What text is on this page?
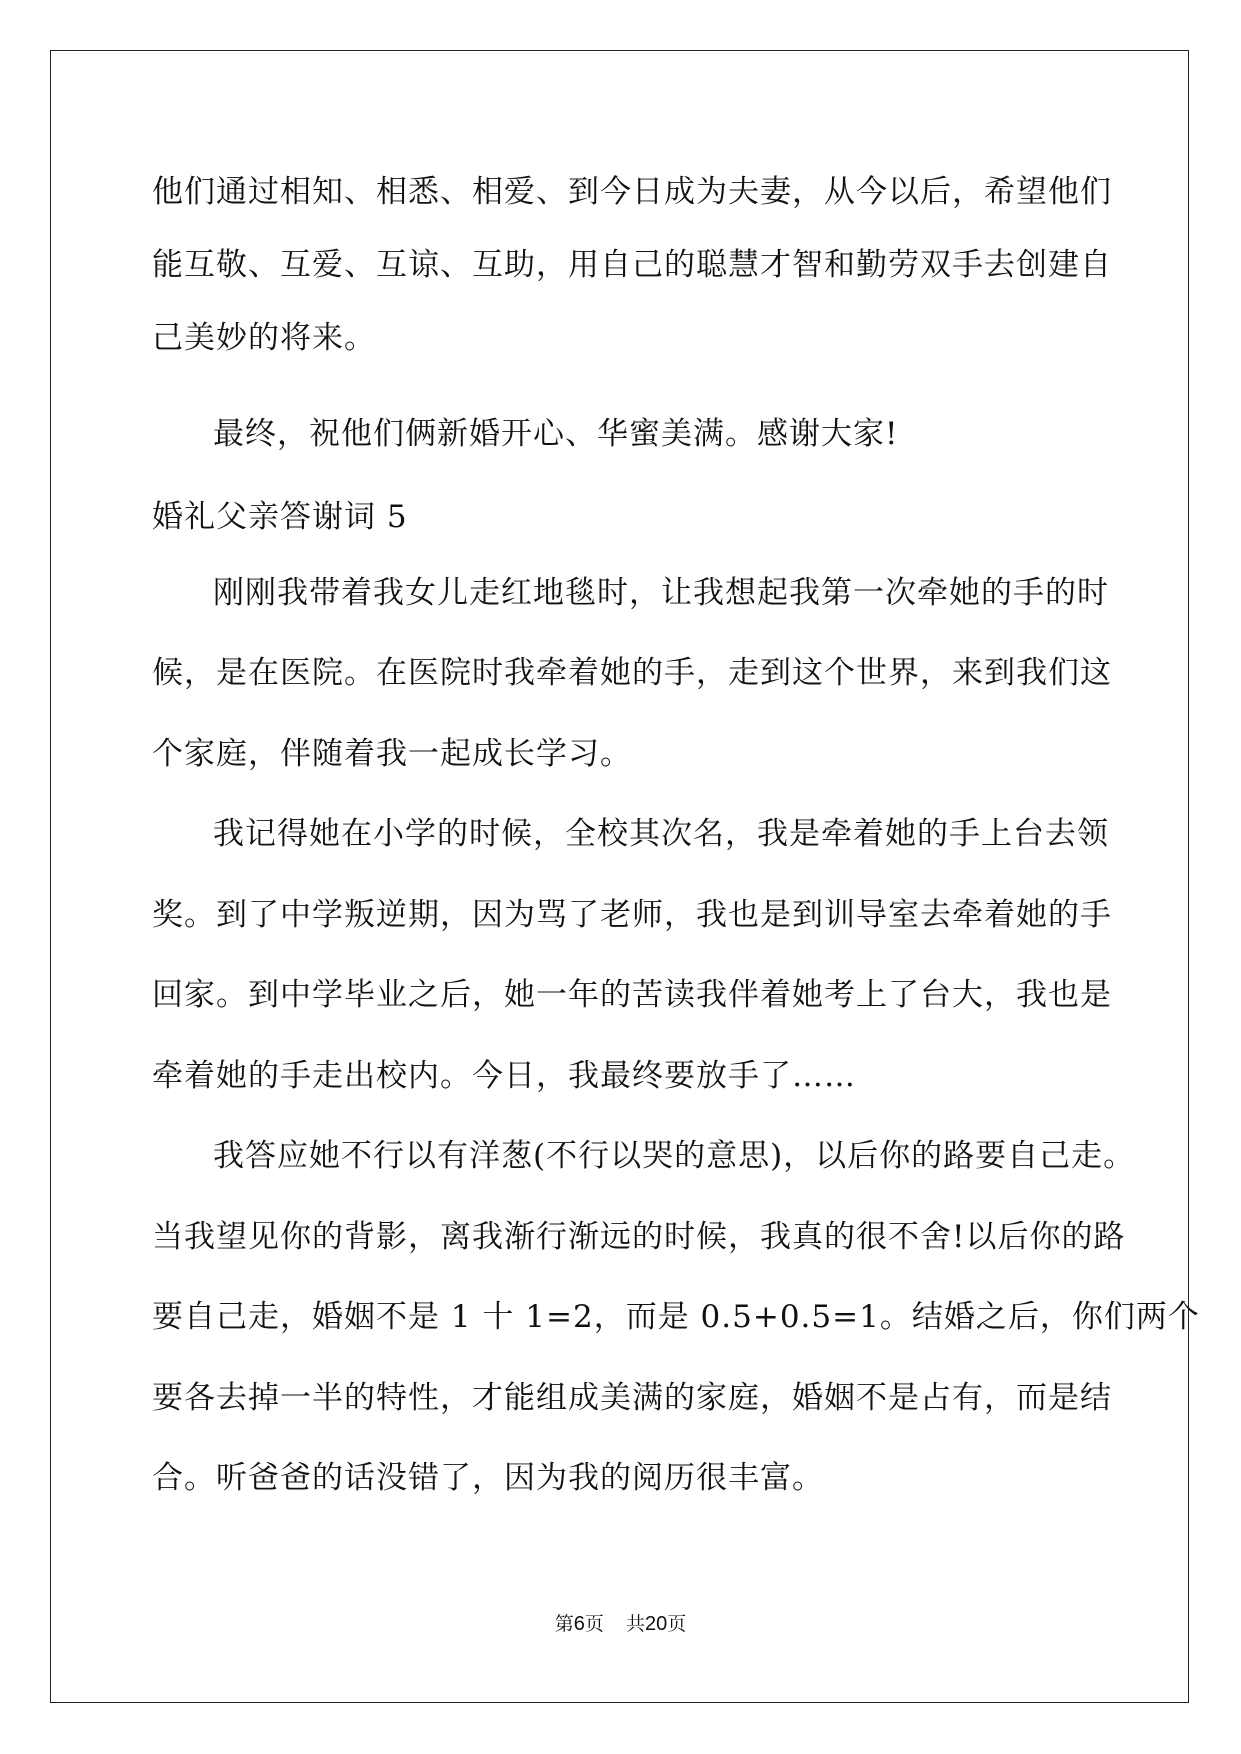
他们通过相知、相悉、相爱、到今日成为夫妻，从今以后，希望他们
能互敬、互爱、互谅、互助，用自己的聪慧才智和勤劳双手去创建自
己美妙的将来。
最终，祝他们俩新婚开心、华蜜美满。感谢大家!
婚礼父亲答谢词 5
刚刚我带着我女儿走红地毯时，让我想起我第一次牵她的手的时
候，是在医院。在医院时我牵着她的手，走到这个世界，来到我们这
个家庭，伴随着我一起成长学习。
我记得她在小学的时候，全校其次名，我是牵着她的手上台去领
奖。到了中学叛逆期，因为骂了老师，我也是到训导室去牵着她的手
回家。到中学毕业之后，她一年的苦读我伴着她考上了台大，我也是
牵着她的手走出校内。今日，我最终要放手了……
我答应她不行以有洋葱(不行以哭的意思)，以后你的路要自己走。
当我望见你的背影，离我渐行渐远的时候，我真的很不舍!以后你的路
要自己走，婚姻不是 1 十 1=2，而是 0.5+0.5=1。结婚之后，你们两个
要各去掉一半的特性，才能组成美满的家庭，婚姻不是占有，而是结
合。听爸爸的话没错了，因为我的阅历很丰富。
第6页 共20页
